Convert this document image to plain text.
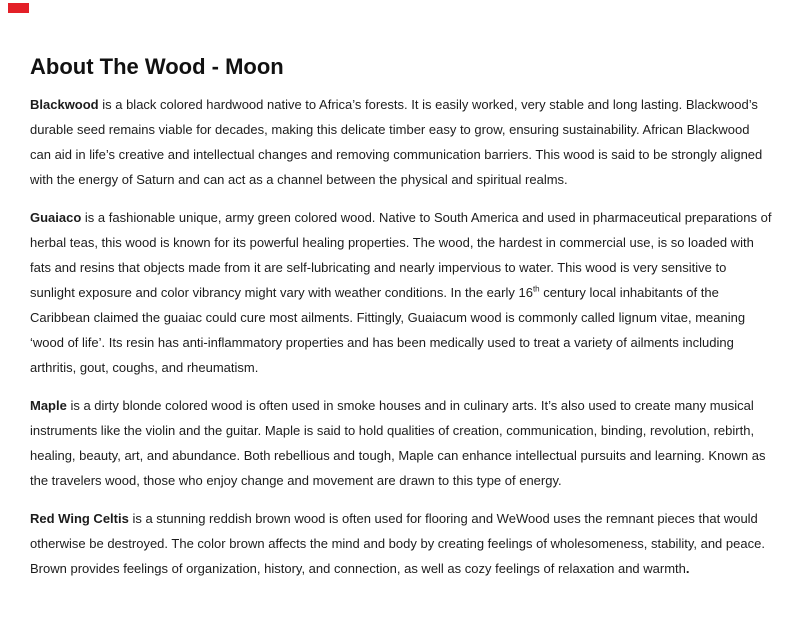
About The Wood - Moon

Blackwood is a black colored hardwood native to Africa’s forests. It is easily worked, very stable and long lasting. Blackwood’s durable seed remains viable for decades, making this delicate timber easy to grow, ensuring sustainability. African Blackwood can aid in life’s creative and intellectual changes and removing communication barriers. This wood is said to be strongly aligned with the energy of Saturn and can act as a channel between the physical and spiritual realms.

Guaiaco is a fashionable unique, army green colored wood. Native to South America and used in pharmaceutical preparations of herbal teas, this wood is known for its powerful healing properties. The wood, the hardest in commercial use, is so loaded with fats and resins that objects made from it are self-lubricating and nearly impervious to water. This wood is very sensitive to sunlight exposure and color vibrancy might vary with weather conditions. In the early 16th century local inhabitants of the Caribbean claimed the guaiac could cure most ailments. Fittingly, Guaiacum wood is commonly called lignum vitae, meaning ‘wood of life’. Its resin has anti-inflammatory properties and has been medically used to treat a variety of ailments including arthritis, gout, coughs, and rheumatism.

Maple is a dirty blonde colored wood is often used in smoke houses and in culinary arts. It’s also used to create many musical instruments like the violin and the guitar. Maple is said to hold qualities of creation, communication, binding, revolution, rebirth, healing, beauty, art, and abundance. Both rebellious and tough, Maple can enhance intellectual pursuits and learning. Known as the travelers wood, those who enjoy change and movement are drawn to this type of energy.

Red Wing Celtis is a stunning reddish brown wood is often used for flooring and WeWood uses the remnant pieces that would otherwise be destroyed. The color brown affects the mind and body by creating feelings of wholesomeness, stability, and peace. Brown provides feelings of organization, history, and connection, as well as cozy feelings of relaxation and warmth.
